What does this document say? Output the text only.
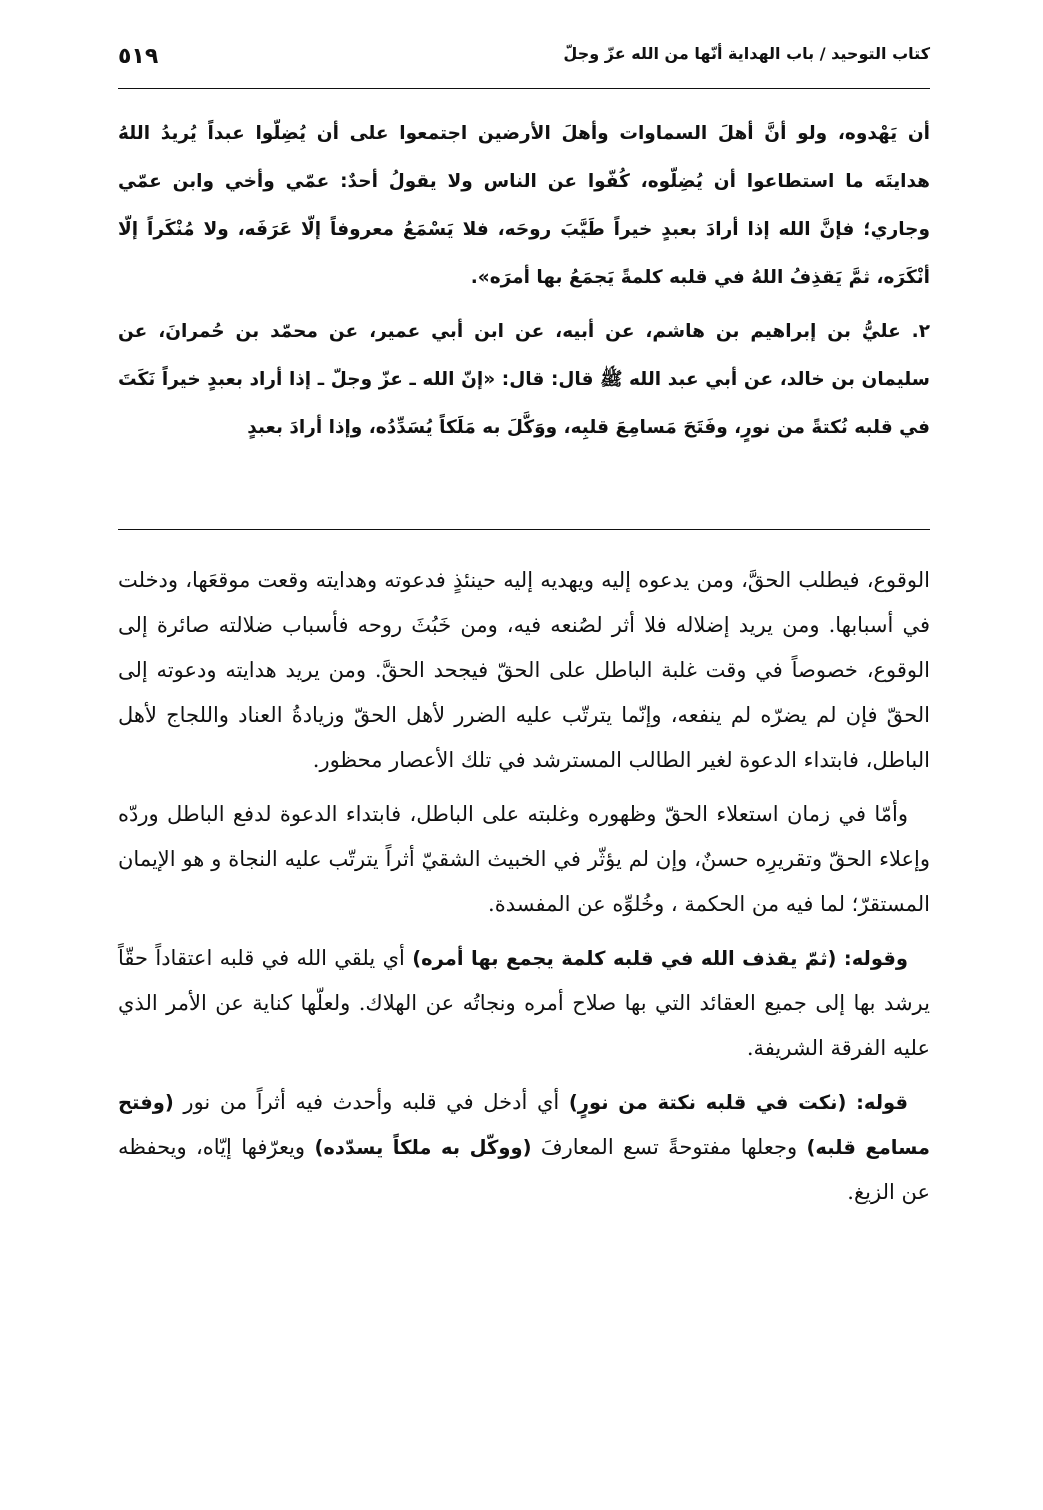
٥١٩	كتاب التوحيد / باب الهداية أنّها من الله عزّ وجلّ

أن يَهْدوه، ولو أنَّ أهلَ السماوات وأهلَ الأرضين اجتمعوا على أن يُضِلّوا عبداً يُريدُ اللهُ هدايتَه ما استطاعوا أن يُضِلّوه، كُفّوا عن الناس ولا يقولُ أحدٌ: عمّي وأخي وابن عمّي وجاري؛ فإنَّ الله إذا أرادَ بعبدٍ خيراً طَيَّبَ روحَه، فلا يَسْمَعُ معروفاً إلّا عَرَفَه، ولا مُنْكَراً إلّا أنْكَرَه، ثمَّ يَقذِفُ اللهُ في قلبه كلمةً يَجمَعُ بها أمرَه».

٢. عليُّ بن إبراهيم بن هاشم، عن أبيه، عن ابن أبي عمير، عن محمّد بن حُمرانَ، عن سليمان بن خالد، عن أبي عبد الله ﷺ قال: قال: «إنّ الله ـ عزّ وجلّ ـ إذا أراد بعبدٍ خيراً نَكَتَ في قلبه نُكتةً من نورٍ، وفَتَحَ مَسامِعَ قلبِه، ووَكَّلَ به مَلَكاً يُسَدِّدُه، وإذا أرادَ بعبدٍ

الوقوع، فيطلب الحقَّ، ومن يدعوه إليه ويهديه إليه حينئذٍ فدعوته وهدايته وقعت موقعَها، ودخلت في أسبابها. ومن يريد إضلاله فلا أثر لصُنعه فيه، ومن خَبُثَ روحه فأسباب ضلالته صائرة إلى الوقوع، خصوصاً في وقت غلبة الباطل على الحقّ فيجحد الحقَّ. ومن يريد هدايته ودعوته إلى الحقّ فإن لم يضرّه لم ينفعه، وإنّما يترتّب عليه الضرر لأهل الحقّ وزيادةُ العناد واللجاج لأهل الباطل، فابتداء الدعوة لغير الطالب المسترشد في تلك الأعصار محظور.

وأمّا في زمان استعلاء الحقّ وظهوره وغلبته على الباطل، فابتداء الدعوة لدفع الباطل وردّه وإعلاء الحقّ وتقريرِه حسنٌ، وإن لم يؤثّر في الخبيث الشقيّ أثراً يترتّب عليه النجاة و هو الإيمان المستقرّ؛ لما فيه من الحكمة ، وخُلوِّه عن المفسدة.

وقوله: (ثمّ يقذف الله في قلبه كلمة يجمع بها أمره) أي يلقي الله في قلبه اعتقاداً حقّاً يرشد بها إلى جميع العقائد التي بها صلاح أمره ونجاتُه عن الهلاك. ولعلّها كناية عن الأمر الذي عليه الفرقة الشريفة.

قوله: (نكت في قلبه نكتة من نورٍ) أي أدخل في قلبه وأحدث فيه أثراً من نور (وفتح مسامع قلبه) وجعلها مفتوحةً تسع المعارفَ (ووكّل به ملكاً يسدّده) ويعرّفها إيّاه، ويحفظه عن الزيغ.
